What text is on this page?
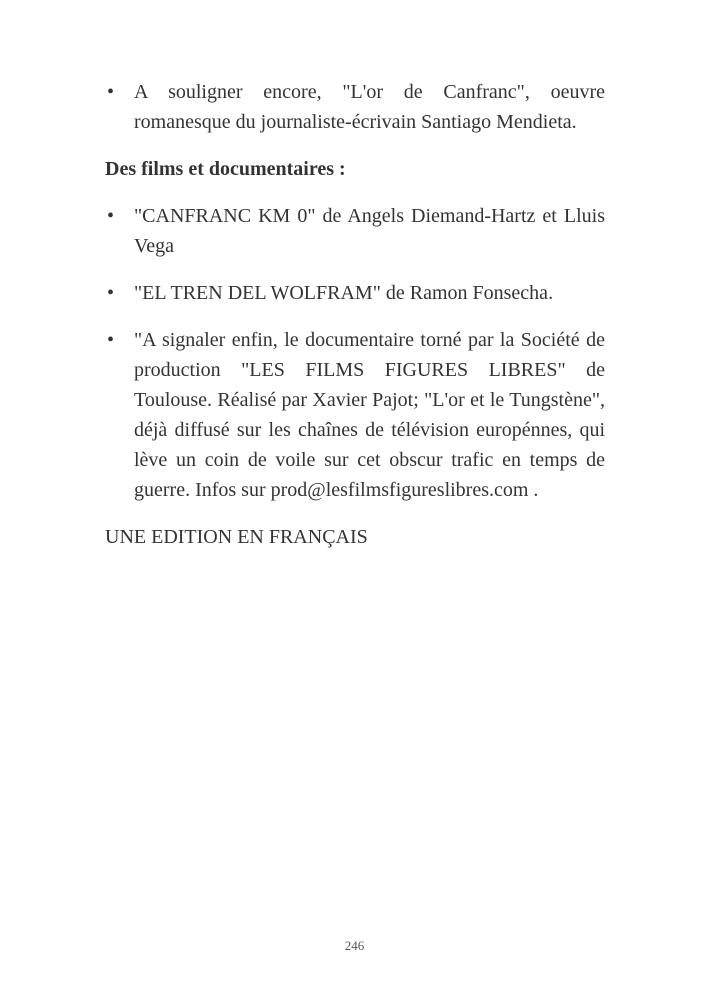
• A souligner encore, "L'or de Canfranc", oeuvre romanesque du journaliste-écrivain Santiago Mendieta.
Des films et documentaires :
• "CANFRANC KM 0" de Angels Diemand-Hartz et Lluis Vega
• "EL TREN DEL WOLFRAM" de Ramon Fonsecha.
• "A signaler enfin, le documentaire torné par la Société de production "LES FILMS FIGURES LIBRES" de Toulouse. Réalisé par Xavier Pajot; "L'or et le Tungstène", déjà diffusé sur les chaînes de télévision europénnes, qui lève un coin de voile sur cet obscur trafic en temps de guerre. Infos sur prod@lesfilmsfigureslibres.com .

UNE EDITION EN FRANÇAIS

246
